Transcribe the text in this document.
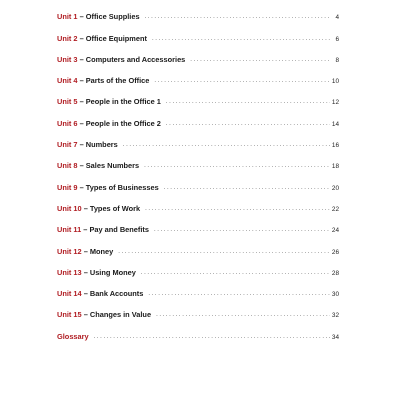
Unit 1 – Office Supplies .....	4
Unit 2 – Office Equipment .....	6
Unit 3 – Computers and Accessories .....	8
Unit 4 – Parts of the Office .....	10
Unit 5 – People in the Office 1 .....	12
Unit 6 – People in the Office 2 .....	14
Unit 7 – Numbers .....	16
Unit 8 – Sales Numbers .....	18
Unit 9 – Types of Businesses .....	20
Unit 10 – Types of Work .....	22
Unit 11 – Pay and Benefits .....	24
Unit 12 – Money .....	26
Unit 13 – Using Money .....	28
Unit 14 – Bank Accounts .....	30
Unit 15 – Changes in Value .....	32
Glossary .....	34
